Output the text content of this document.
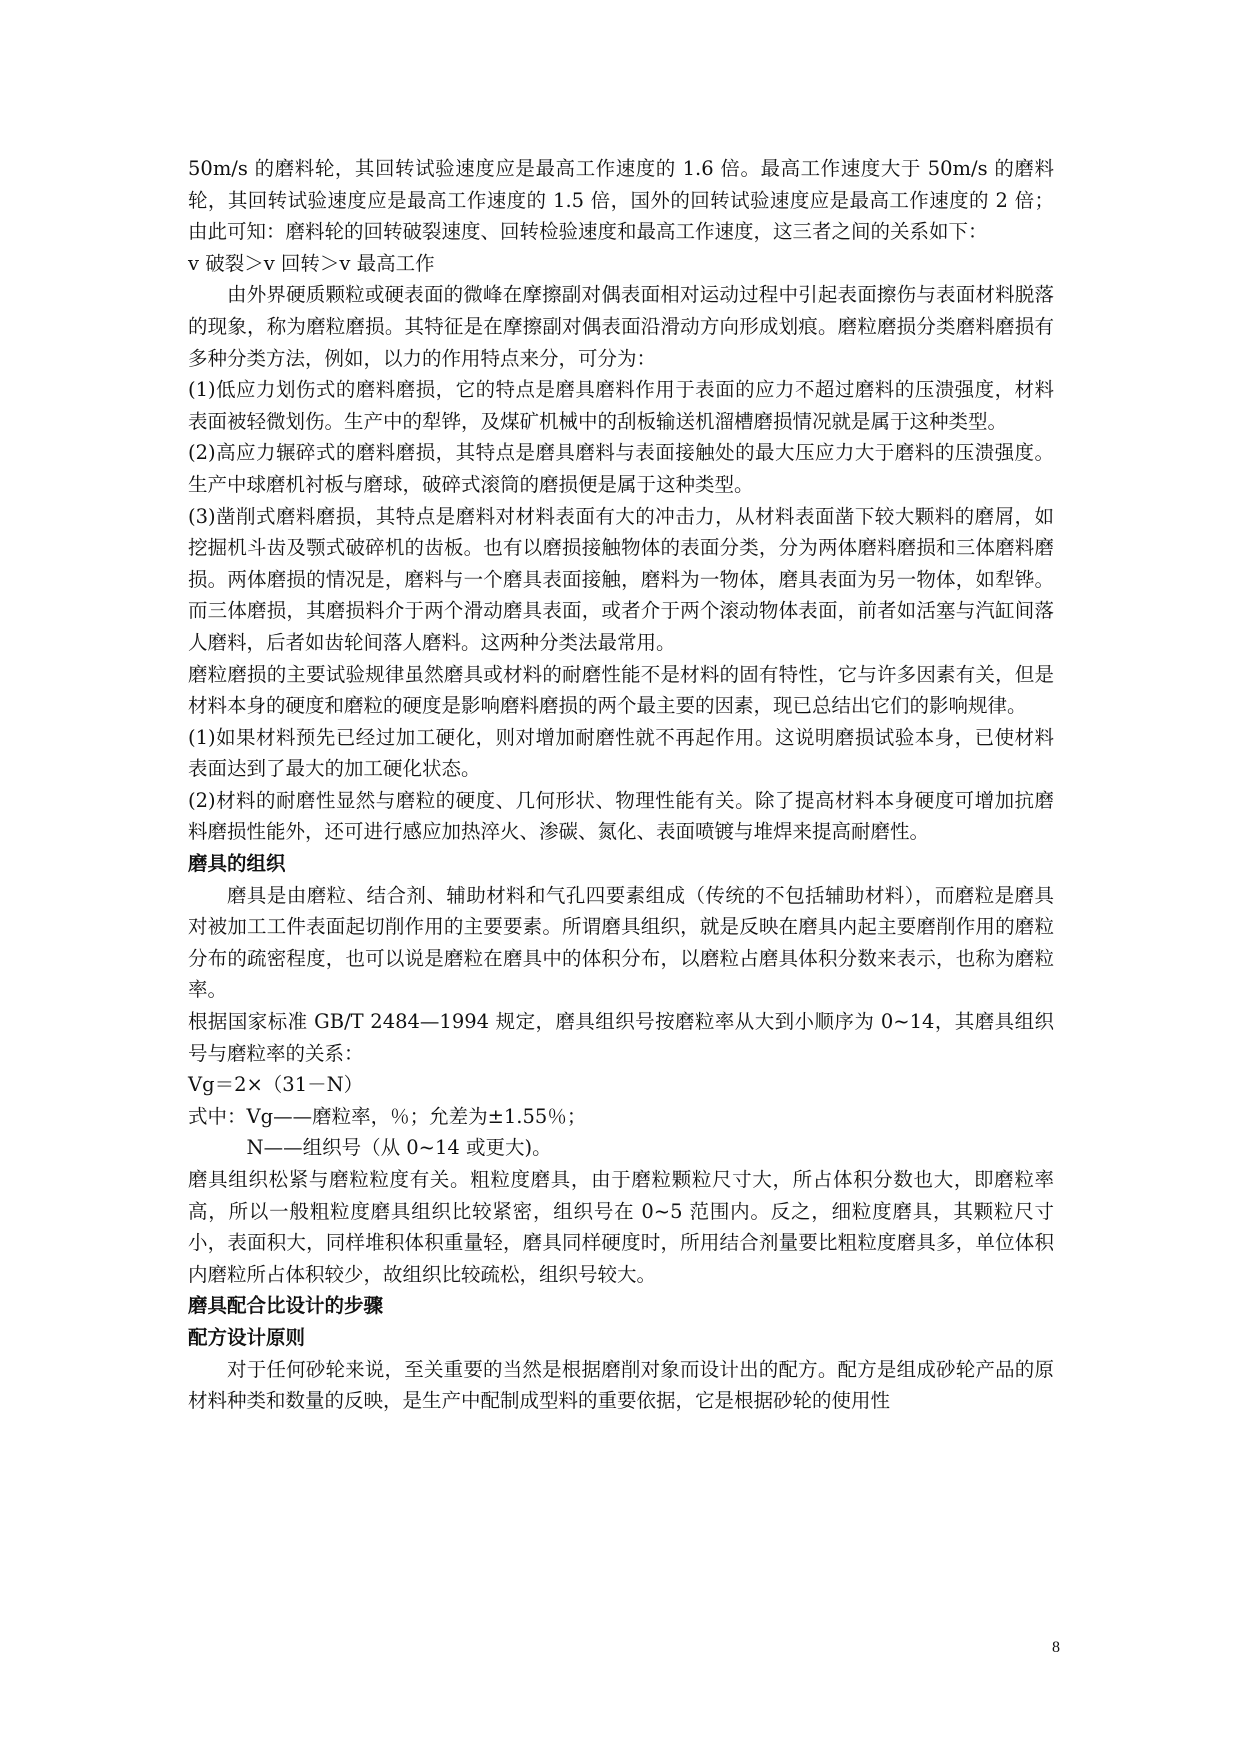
50m/s 的磨料轮，其回转试验速度应是最高工作速度的 1.6 倍。最高工作速度大于 50m/s 的磨料轮，其回转试验速度应是最高工作速度的 1.5 倍，国外的回转试验速度应是最高工作速度的 2 倍；由此可知：磨料轮的回转破裂速度、回转检验速度和最高工作速度，这三者之间的关系如下：

v 破裂＞v 回转＞v 最高工作

由外界硬质颗粒或硬表面的微峰在摩擦副对偶表面相对运动过程中引起表面擦伤与表面材料脱落的现象，称为磨粒磨损。其特征是在摩擦副对偶表面沿滑动方向形成划痕。磨粒磨损分类磨料磨损有多种分类方法，例如，以力的作用特点来分，可分为：

(1)低应力划伤式的磨料磨损，它的特点是磨具磨料作用于表面的应力不超过磨料的压溃强度，材料表面被轻微划伤。生产中的犁铧，及煤矿机械中的刮板输送机溜槽磨损情况就是属于这种类型。

(2)高应力辗碎式的磨料磨损，其特点是磨具磨料与表面接触处的最大压应力大于磨料的压溃强度。生产中球磨机衬板与磨球，破碎式滚筒的磨损便是属于这种类型。

(3)凿削式磨料磨损，其特点是磨料对材料表面有大的冲击力，从材料表面凿下较大颗料的磨屑，如挖掘机斗齿及颚式破碎机的齿板。也有以磨损接触物体的表面分类，分为两体磨料磨损和三体磨料磨损。两体磨损的情况是，磨料与一个磨具表面接触，磨料为一物体，磨具表面为另一物体，如犁铧。而三体磨损，其磨损料介于两个滑动磨具表面，或者介于两个滚动物体表面，前者如活塞与汽缸间落人磨料，后者如齿轮间落人磨料。这两种分类法最常用。

磨粒磨损的主要试验规律虽然磨具或材料的耐磨性能不是材料的固有特性，它与许多因素有关，但是材料本身的硬度和磨粒的硬度是影响磨料磨损的两个最主要的因素，现已总结出它们的影响规律。

(1)如果材料预先已经过加工硬化，则对增加耐磨性就不再起作用。这说明磨损试验本身，已使材料表面达到了最大的加工硬化状态。

(2)材料的耐磨性显然与磨粒的硬度、几何形状、物理性能有关。除了提高材料本身硬度可增加抗磨料磨损性能外，还可进行感应加热淬火、渗碳、氮化、表面喷镀与堆焊来提高耐磨性。

磨具的组织

磨具是由磨粒、结合剂、辅助材料和气孔四要素组成（传统的不包括辅助材料），而磨粒是磨具对被加工工件表面起切削作用的主要要素。所谓磨具组织，就是反映在磨具内起主要磨削作用的磨粒分布的疏密程度，也可以说是磨粒在磨具中的体积分布，以磨粒占磨具体积分数来表示，也称为磨粒率。

根据国家标准 GB/T 2484—1994 规定，磨具组织号按磨粒率从大到小顺序为 0~14，其磨具组织号与磨粒率的关系：

Vg＝2×（31－N）

式中：Vg——磨粒率，％；允差为±1.55％；

N——组织号（从 0~14 或更大)。

磨具组织松紧与磨粒粒度有关。粗粒度磨具，由于磨粒颗粒尺寸大，所占体积分数也大，即磨粒率高，所以一般粗粒度磨具组织比较紧密，组织号在 0~5 范围内。反之，细粒度磨具，其颗粒尺寸小，表面积大，同样堆积体积重量轻，磨具同样硬度时，所用结合剂量要比粗粒度磨具多，单位体积内磨粒所占体积较少，故组织比较疏松，组织号较大。

磨具配合比设计的步骤

配方设计原则

对于任何砂轮来说，至关重要的当然是根据磨削对象而设计出的配方。配方是组成砂轮产品的原材料种类和数量的反映，是生产中配制成型料的重要依据，它是根据砂轮的使用性

8
